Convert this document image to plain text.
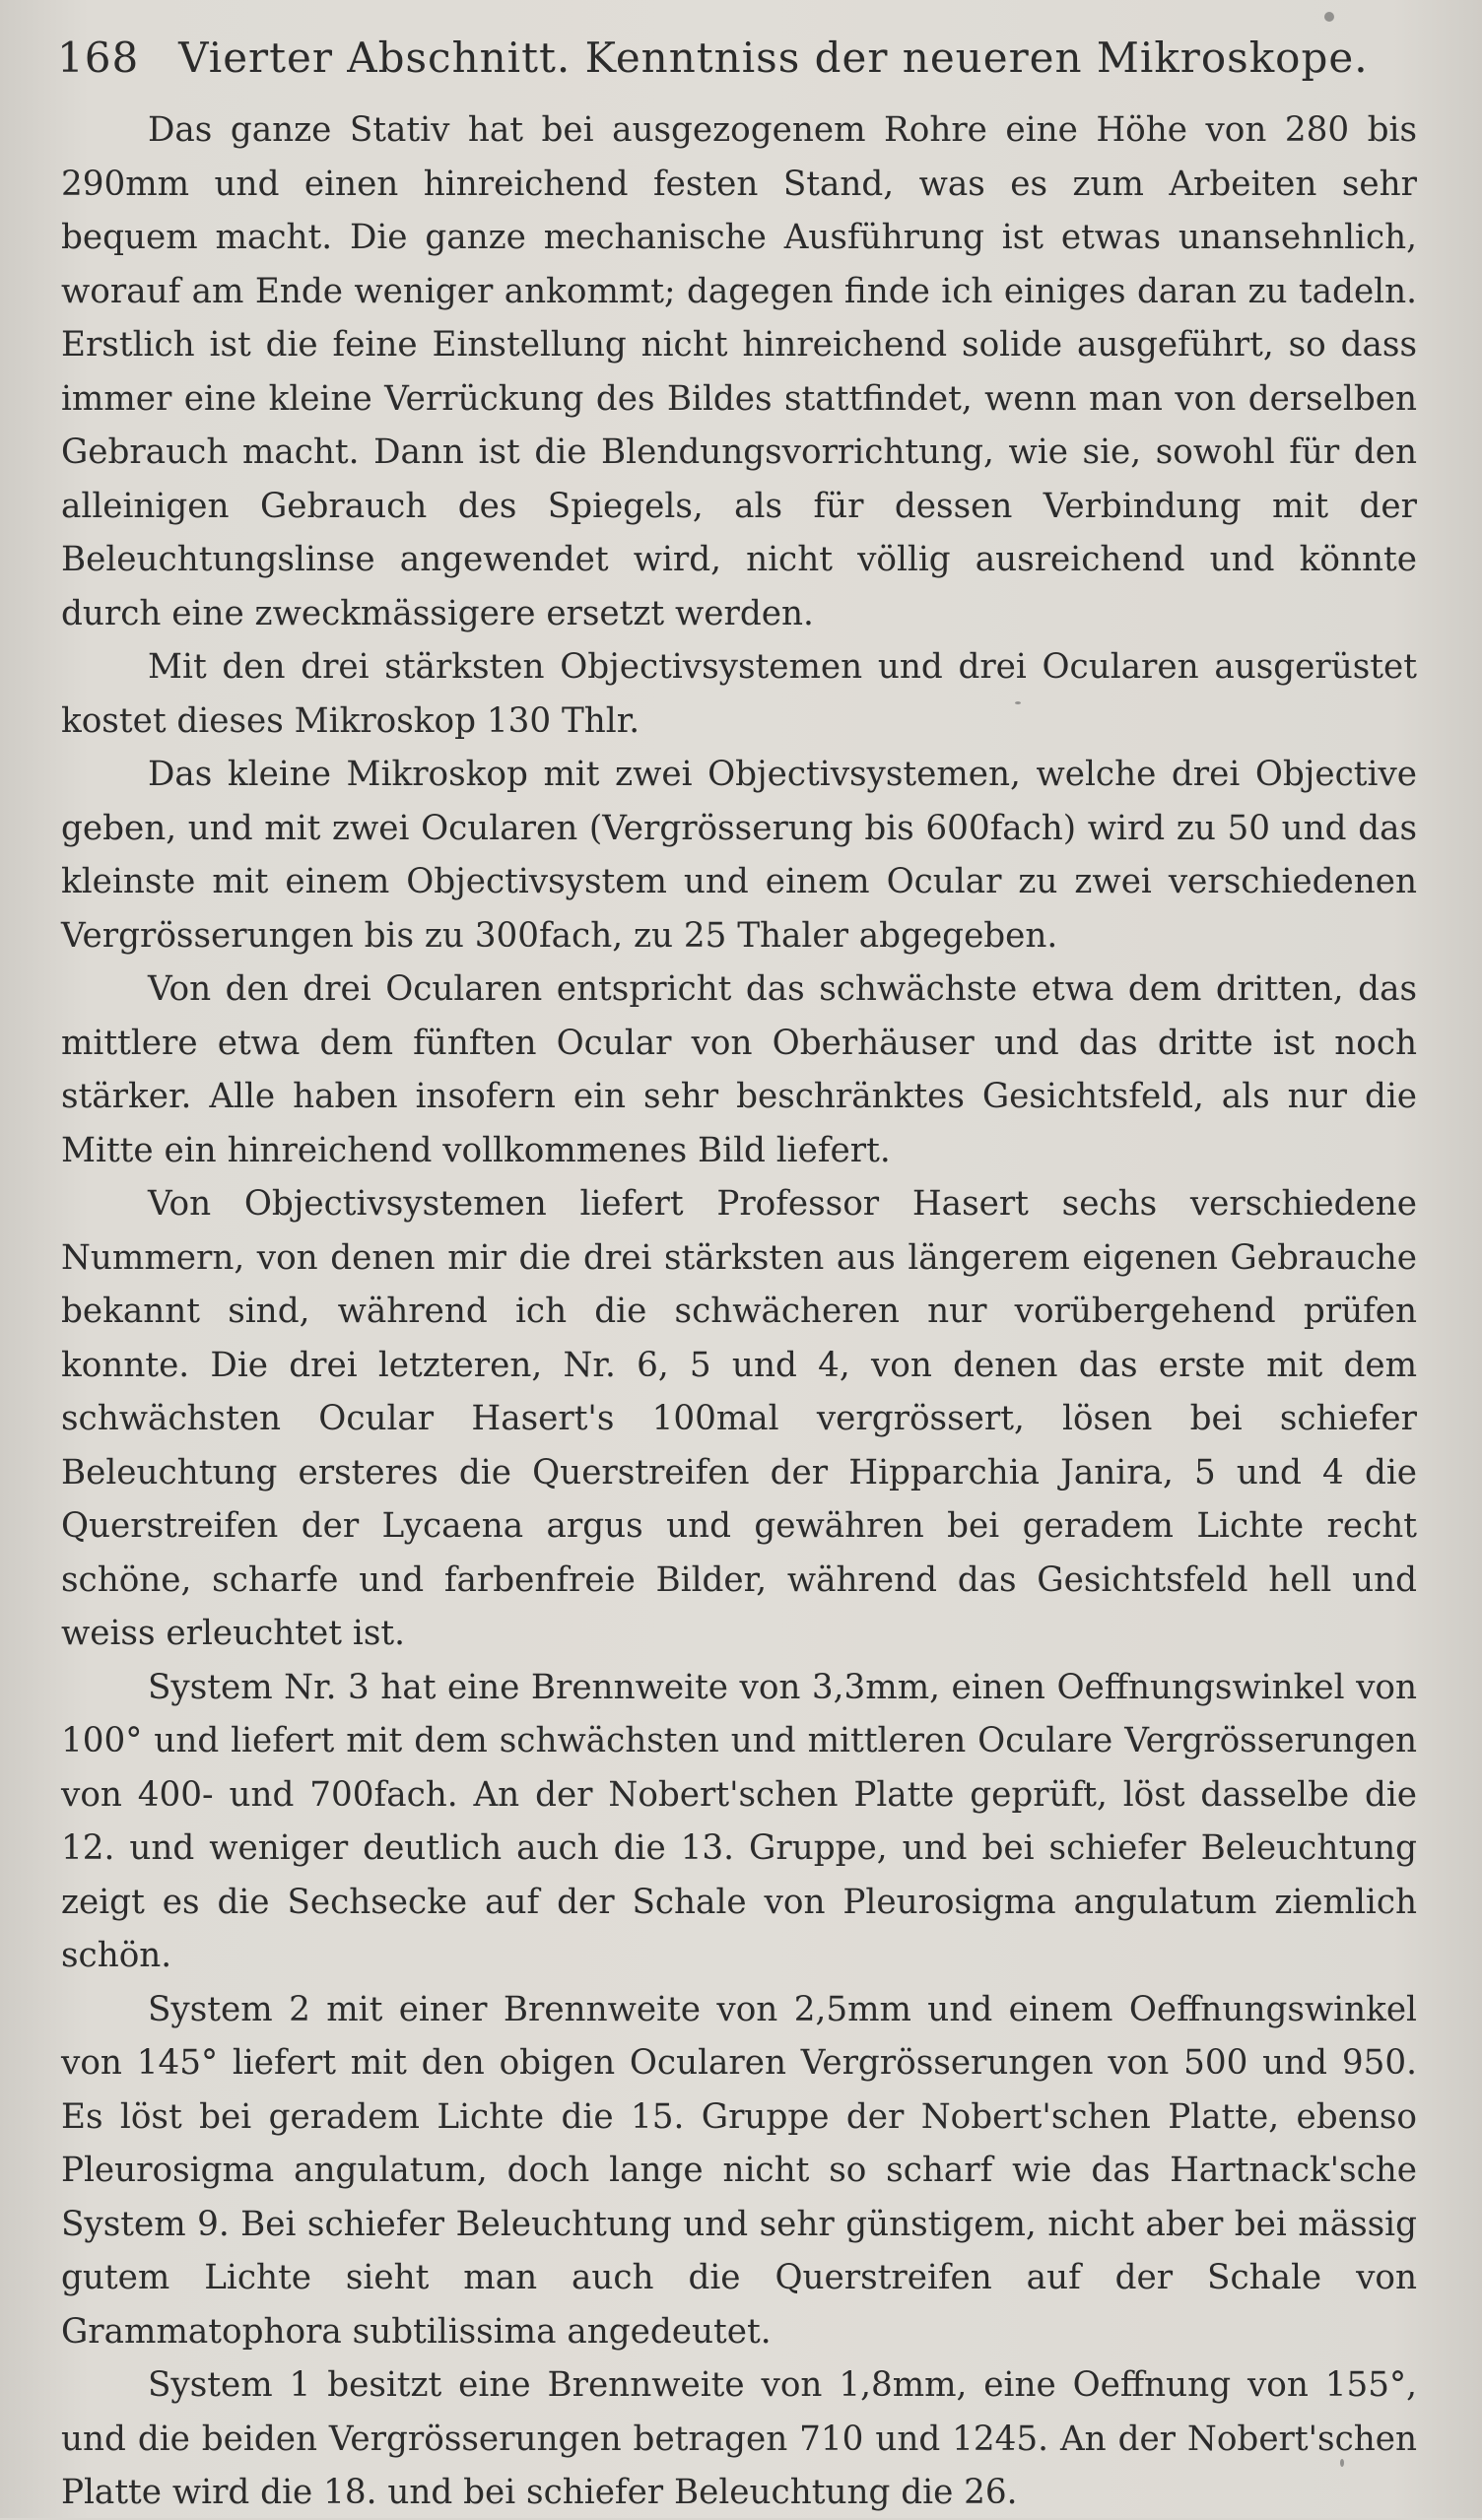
168 Vierter Abschnitt. Kenntniss der neueren Mikroskope.

Das ganze Stativ hat bei ausgezogenem Rohre eine Höhe von 280 bis 290mm und einen hinreichend festen Stand, was es zum Arbeiten sehr bequem macht. Die ganze mechanische Ausführung ist etwas unansehnlich, worauf am Ende weniger ankommt; dagegen finde ich einiges daran zu tadeln. Erstlich ist die feine Einstellung nicht hinreichend solide ausgeführt, so dass immer eine kleine Verrückung des Bildes stattfindet, wenn man von derselben Gebrauch macht. Dann ist die Blendungsvorrichtung, wie sie, sowohl für den alleinigen Gebrauch des Spiegels, als für dessen Verbindung mit der Beleuchtungslinse angewendet wird, nicht völlig ausreichend und könnte durch eine zweckmässigere ersetzt werden.

Mit den drei stärksten Objectivsystemen und drei Ocularen ausgerüstet kostet dieses Mikroskop 130 Thlr.

Das kleine Mikroskop mit zwei Objectivsystemen, welche drei Objective geben, und mit zwei Ocularen (Vergrösserung bis 600fach) wird zu 50 und das kleinste mit einem Objectivsystem und einem Ocular zu zwei verschiedenen Vergrösserungen bis zu 300fach, zu 25 Thaler abgegeben.

Von den drei Ocularen entspricht das schwächste etwa dem dritten, das mittlere etwa dem fünften Ocular von Oberhäuser und das dritte ist noch stärker. Alle haben insofern ein sehr beschränktes Gesichtsfeld, als nur die Mitte ein hinreichend vollkommenes Bild liefert.

Von Objectivsystemen liefert Professor Hasert sechs verschiedene Nummern, von denen mir die drei stärksten aus längerem eigenen Gebrauche bekannt sind, während ich die schwächeren nur vorübergehend prüfen konnte. Die drei letzteren, Nr. 6, 5 und 4, von denen das erste mit dem schwächsten Ocular Hasert's 100mal vergrössert, lösen bei schiefer Beleuchtung ersteres die Querstreifen der Hipparchia Janira, 5 und 4 die Querstreifen der Lycaena argus und gewähren bei geradem Lichte recht schöne, scharfe und farbenfreie Bilder, während das Gesichtsfeld hell und weiss erleuchtet ist.

System Nr. 3 hat eine Brennweite von 3,3mm, einen Oeffnungswinkel von 100° und liefert mit dem schwächsten und mittleren Oculare Vergrösserungen von 400- und 700fach. An der Nobert'schen Platte geprüft, löst dasselbe die 12. und weniger deutlich auch die 13. Gruppe, und bei schiefer Beleuchtung zeigt es die Sechsecke auf der Schale von Pleurosigma angulatum ziemlich schön.

System 2 mit einer Brennweite von 2,5mm und einem Oeffnungswinkel von 145° liefert mit den obigen Ocularen Vergrösserungen von 500 und 950. Es löst bei geradem Lichte die 15. Gruppe der Nobert'schen Platte, ebenso Pleurosigma angulatum, doch lange nicht so scharf wie das Hartnack'sche System 9. Bei schiefer Beleuchtung und sehr günstigem, nicht aber bei mässig gutem Lichte sieht man auch die Querstreifen auf der Schale von Grammatophora subtilissima angedeutet.

System 1 besitzt eine Brennweite von 1,8mm, eine Oeffnung von 155°, und die beiden Vergrösserungen betragen 710 und 1245. An der Nobert'schen Platte wird die 18. und bei schiefer Beleuchtung die 26.
